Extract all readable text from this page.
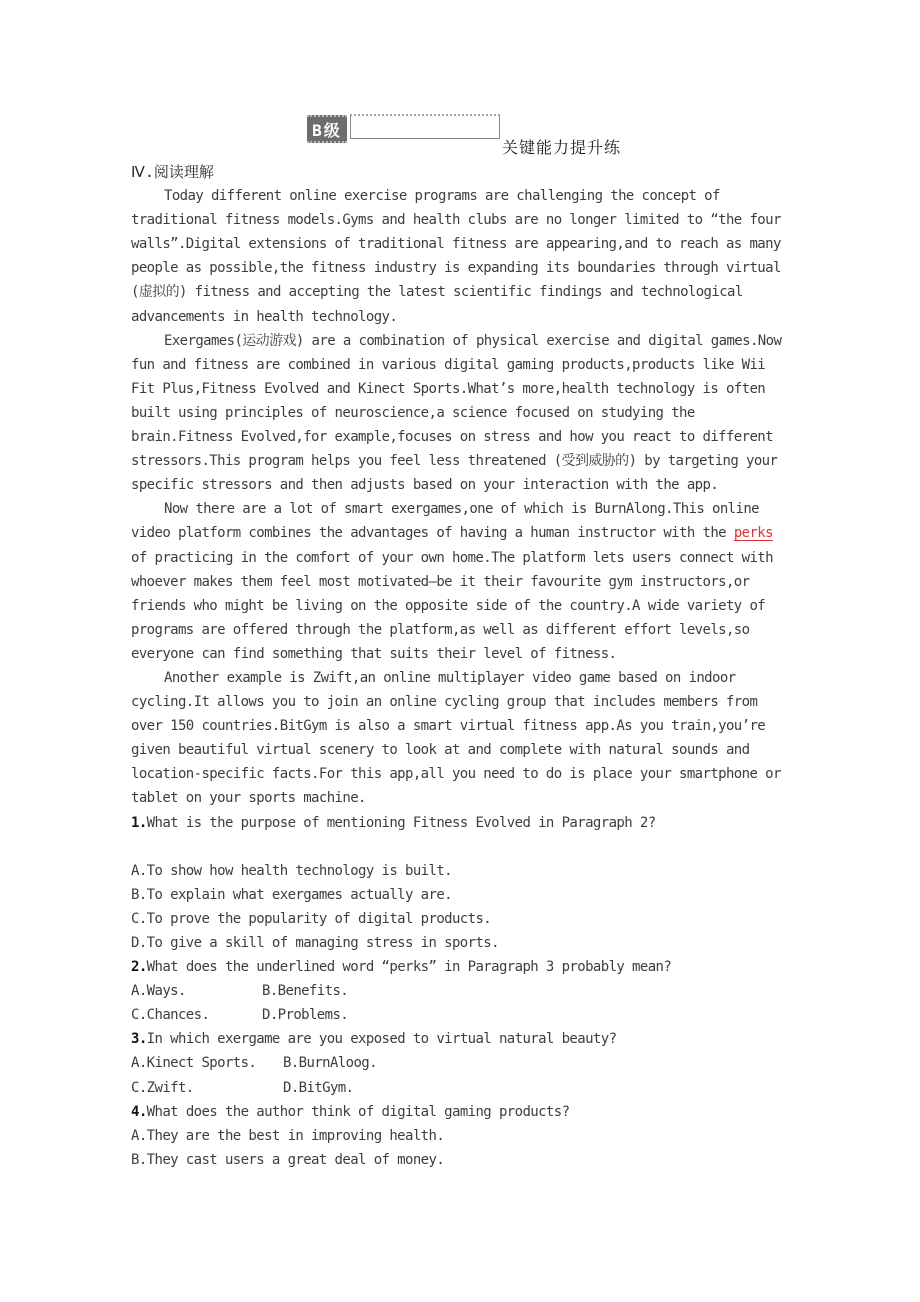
B级
关键能力提升练
Ⅳ.阅读理解

Today different online exercise programs are challenging the concept of traditional fitness models.Gyms and health clubs are no longer limited to “the four walls”.Digital extensions of traditional fitness are appearing,and to reach as many people as possible,the fitness industry is expanding its boundaries through virtual (虚拟的) fitness and accepting the latest scientific findings and technological advancements in health technology.

Exergames(运动游戏) are a combination of physical exercise and digital games.Now fun and fitness are combined in various digital gaming products,products like Wii Fit Plus,Fitness Evolved and Kinect Sports.What’s more,health technology is often built using principles of neuroscience,a science focused on studying the brain.Fitness Evolved,for example,focuses on stress and how you react to different stressors.This program helps you feel less threatened (受到威胁的) by targeting your specific stressors and then adjusts based on your interaction with the app.

Now there are a lot of smart exergames,one of which is BurnAlong.This online video platform combines the advantages of having a human instructor with the perks of practicing in the comfort of your own home.The platform lets users connect with whoever makes them feel most motivated—be it their favourite gym instructors,or friends who might be living on the opposite side of the country.A wide variety of programs are offered through the platform,as well as different effort levels,so everyone can find something that suits their level of fitness.

Another example is Zwift,an online multiplayer video game based on indoor cycling.It allows you to join an online cycling group that includes members from over 150 countries.BitGym is also a smart virtual fitness app.As you train,you’re given beautiful virtual scenery to look at and complete with natural sounds and location-specific facts.For this app,all you need to do is place your smartphone or tablet on your sports machine.

1.What is the purpose of mentioning Fitness Evolved in Paragraph 2?
A.To show how health technology is built.
B.To explain what exergames actually are.
C.To prove the popularity of digital products.
D.To give a skill of managing stress in sports.
2.What does the underlined word “perks” in Paragraph 3 probably mean?
A.Ways.	B.Benefits.
C.Chances.	D.Problems.
3.In which exergame are you exposed to virtual natural beauty?
A.Kinect Sports.	B.BurnAloog.
C.Zwift.	D.BitGym.
4.What does the author think of digital gaming products?
A.They are the best in improving health.
B.They cast users a great deal of money.
